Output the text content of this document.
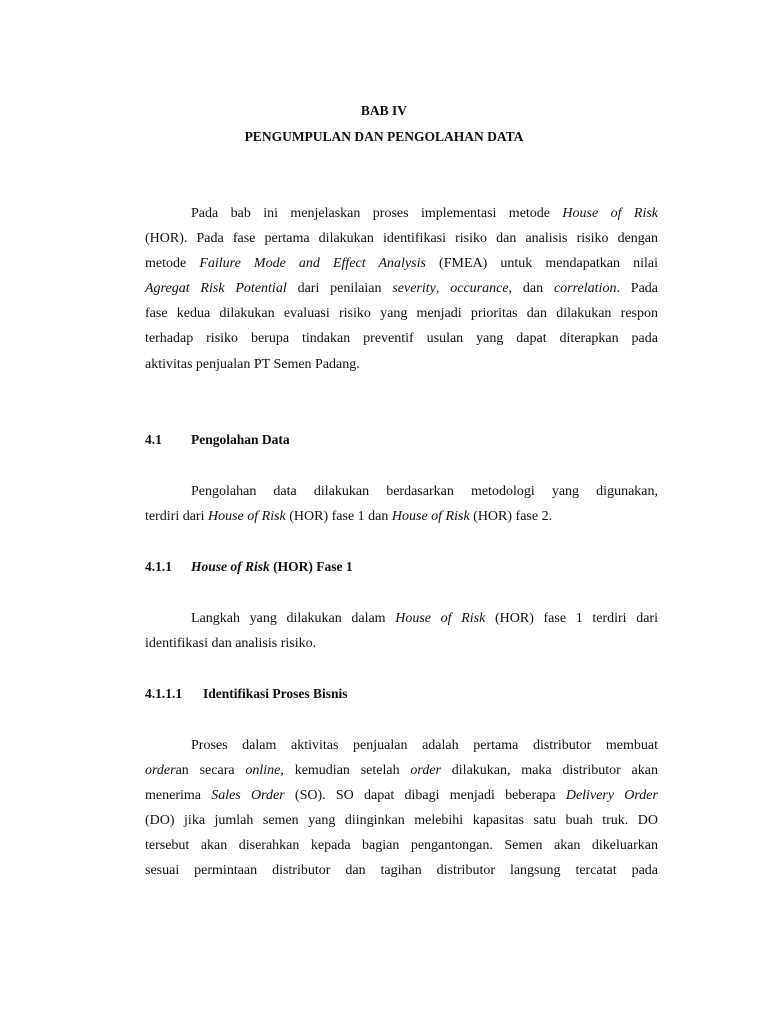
BAB IV
PENGUMPULAN DAN PENGOLAHAN DATA
Pada bab ini menjelaskan proses implementasi metode House of Risk
(HOR). Pada fase pertama dilakukan identifikasi risiko dan analisis risiko dengan
metode Failure Mode and Effect Analysis (FMEA) untuk mendapatkan nilai
Agregat Risk Potential dari penilaian severity, occurance, dan correlation. Pada
fase kedua dilakukan evaluasi risiko yang menjadi prioritas dan dilakukan respon
terhadap risiko berupa tindakan preventif usulan yang dapat diterapkan pada
aktivitas penjualan PT Semen Padang.
4.1 Pengolahan Data
Pengolahan data dilakukan berdasarkan metodologi yang digunakan,
terdiri dari House of Risk (HOR) fase 1 dan House of Risk (HOR) fase 2.
4.1.1 House of Risk (HOR) Fase 1
Langkah yang dilakukan dalam House of Risk (HOR) fase 1 terdiri dari
identifikasi dan analisis risiko.
4.1.1.1 Identifikasi Proses Bisnis
Proses dalam aktivitas penjualan adalah pertama distributor membuat
orderan secara online, kemudian setelah order dilakukan, maka distributor akan
menerima Sales Order (SO). SO dapat dibagi menjadi beberapa Delivery Order
(DO) jika jumlah semen yang diinginkan melebihi kapasitas satu buah truk. DO
tersebut akan diserahkan kepada bagian pengantongan. Semen akan dikeluarkan
sesuai permintaan distributor dan tagihan distributor langsung tercatat pada
